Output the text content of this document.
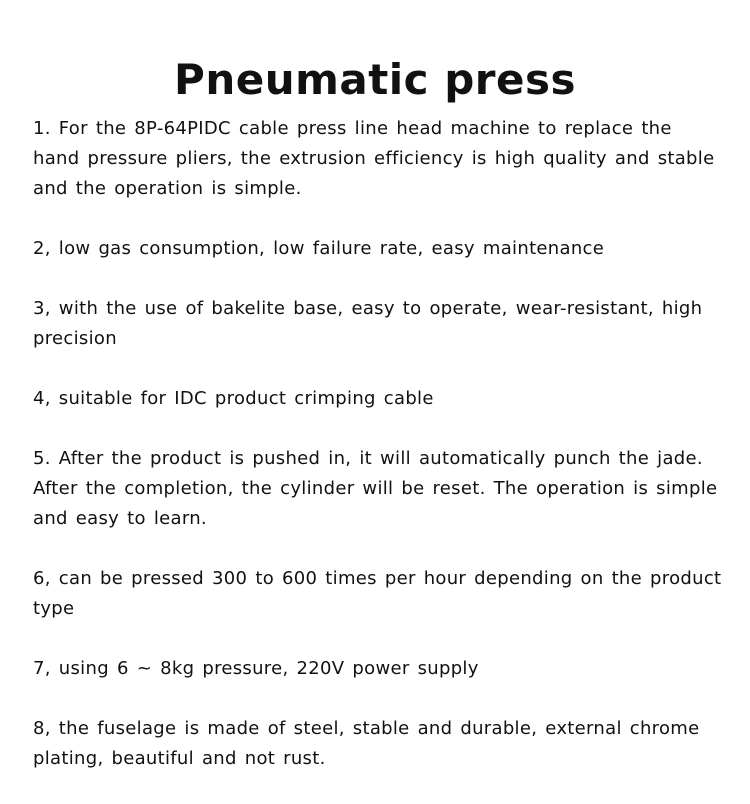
Pneumatic press

1. For the 8P-64PIDC cable press line head machine to replace the hand pressure pliers, the extrusion efficiency is high quality and stable and the operation is simple.

2, low gas consumption, low failure rate, easy maintenance

3, with the use of bakelite base, easy to operate, wear-resistant, high precision

4, suitable for IDC product crimping cable

5. After the product is pushed in, it will automatically punch the jade. After the completion, the cylinder will be reset. The operation is simple and easy to learn.

6, can be pressed 300 to 600 times per hour depending on the product type

7, using 6 ~ 8kg pressure, 220V power supply

8, the fuselage is made of steel, stable and durable, external chrome plating, beautiful and not rust.
